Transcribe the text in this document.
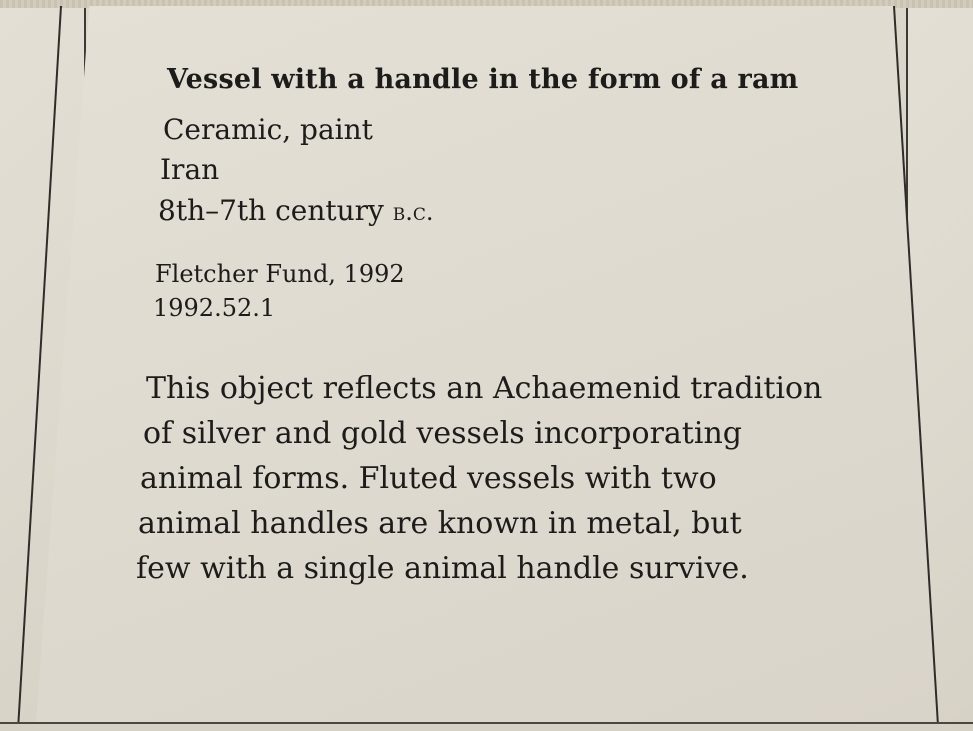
Vessel with a handle in the form of a ram
Ceramic, paint
Iran
8th–7th century b.c.
Fletcher Fund, 1992
1992.52.1
This object reflects an Achaemenid tradition
of silver and gold vessels incorporating
animal forms. Fluted vessels with two
animal handles are known in metal, but
few with a single animal handle survive.
